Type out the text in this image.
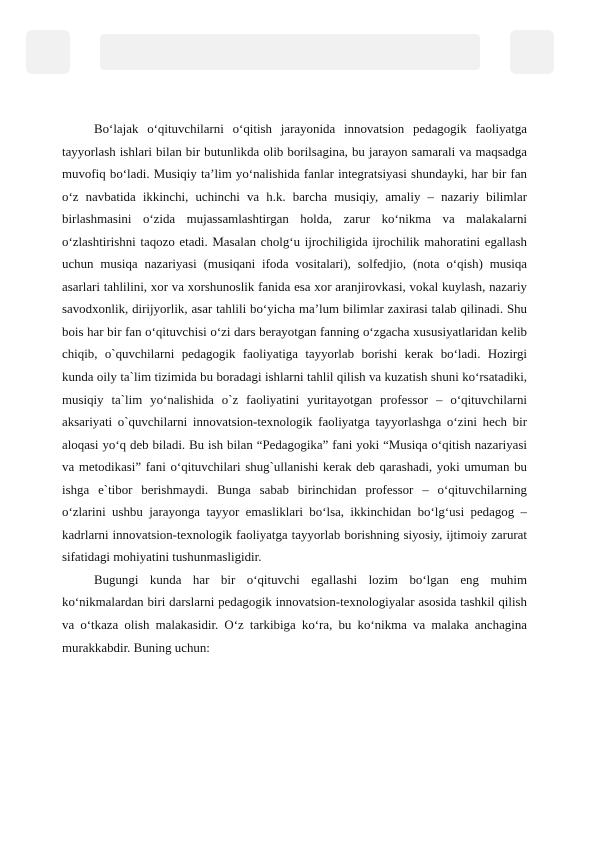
Bo‘lajak o‘qituvchilarni o‘qitish jarayonida innovatsion pedagogik faoliyatga tayyorlash ishlari bilan bir butunlikda olib borilsagina, bu jarayon samarali va maqsadga muvofiq bo‘ladi. Musiqiy ta’lim yo‘nalishida fanlar integratsiyasi shundayki, har bir fan o‘z navbatida ikkinchi, uchinchi va h.k. barcha musiqiy, amaliy – nazariy bilimlar birlashmasini o‘zida mujassamlashtirgan holda, zarur ko‘nikma va malakalarni o‘zlashtirishni taqozo etadi. Masalan cholg‘u ijrochiligida ijrochilik mahoratini egallash uchun musiqa nazariyasi (musiqani ifoda vositalari), solfedjio, (nota o‘qish) musiqa asarlari tahlilini, xor va xorshunoslik fanida esa xor aranjirovkasi, vokal kuylash, nazariy savodxonlik, dirijyorlik, asar tahlili bo‘yicha ma’lum bilimlar zaxirasi talab qilinadi. Shu bois har bir fan o‘qituvchisi o‘zi dars berayotgan fanning o‘zgacha xususiyatlaridan kelib chiqib, o`quvchilarni pedagogik faoliyatiga tayyorlab borishi kerak bo‘ladi. Hozirgi kunda oily ta`lim tizimida bu boradagi ishlarni tahlil qilish va kuzatish shuni ko‘rsatadiki, musiqiy ta`lim yo‘nalishida o`z faoliyatini yuritayotgan professor – o‘qituvchilarni aksariyati o`quvchilarni innovatsion-texnologik faoliyatga tayyorlashga o‘zini hech bir aloqasi yo‘q deb biladi. Bu ish bilan “Pedagogika” fani yoki “Musiqa o‘qitish nazariyasi va metodikasi” fani o‘qituvchilari shug`ullanishi kerak deb qarashadi, yoki umuman bu ishga e`tibor berishmaydi. Bunga sabab birinchidan professor – o‘qituvchilarning o‘zlarini ushbu jarayonga tayyor emasliklari bo‘lsa, ikkinchidan bo‘lg‘usi pedagog – kadrlarni innovatsion-texnologik faoliyatga tayyorlab borishning siyosiy, ijtimoiy zarurat sifatidagi mohiyatini tushunmasligidir.

Bugungi kunda har bir o‘qituvchi egallashi lozim bo‘lgan eng muhim ko‘nikmalardan biri darslarni pedagogik innovatsion-texnologiyalar asosida tashkil qilish va o‘tkaza olish malakasidir. O‘z tarkibiga ko‘ra, bu ko‘nikma va malaka anchagina murakkabdir. Buning uchun:
